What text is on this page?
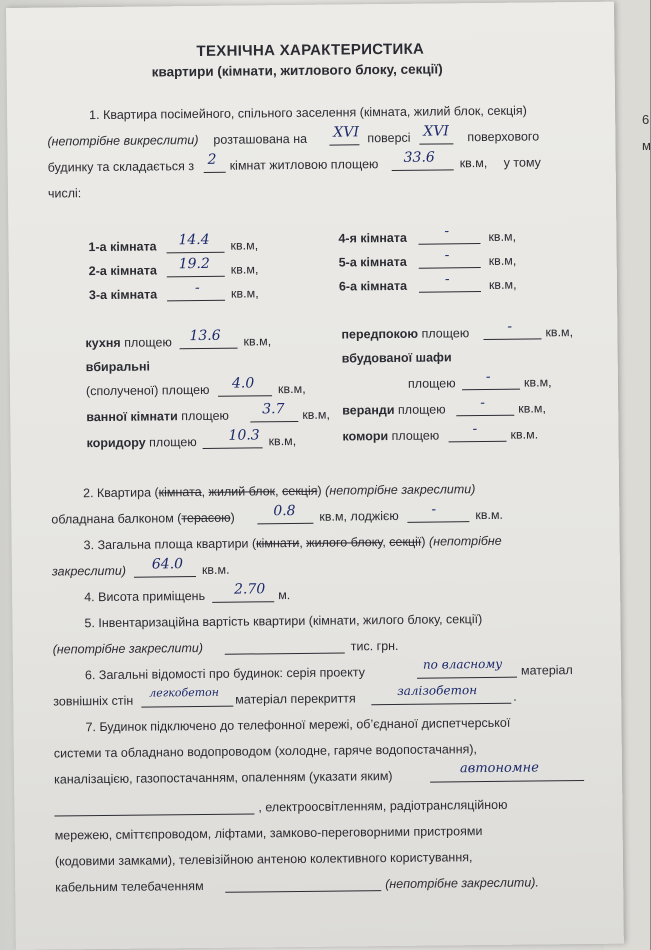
6
м
ТЕХНІЧНА ХАРАКТЕРИСТИКА
квартири (кімнати, житлового блоку, секції)
1. Квартира посімейного, спільного заселення (кімната, жилий блок, секція)
(непотрібне викреслити) розташована на XVI поверсі XVI поверхового
будинку та складається з 2 кімнат житловою площею 33.6 кв.м, у тому
числі:
1-а кімната 14.4 кв.м,
2-а кімната 19.2 кв.м,
3-а кімната	- кв.м,
4-я кімната	-	кв.м,
5-а кімната	-	кв.м,
6-а кімната	-	кв.м,
кухня площею 13.6 кв.м,
вбиральні
(сполученої) площею 4.0 кв.м,
ванної кімнати площею 3.7 кв.м,
коридору площею 10.3 кв.м,
передпокою площею	-	кв.м,
вбудованої шафи
площею -	кв.м,
веранди площею -	кв.м,
комори площею -	кв.м.
2. Квартира (кімната, жилий блок, секція) (непотрібне закреслити)
обладнана балконом (терасою)	0.8 кв.м, лоджією -	кв.м.
3. Загальна площа квартири (кімнати, жилого блоку, секції) (непотрібне
закреслити) 64.0 кв.м.
4. Висота приміщень 2.70 м.
5. Інвентаризаційна вартість квартири (кімнати, жилого блоку, секції)
(непотрібне закреслити)	тис. грн.
6. Загальні відомості про будинок: серія проекту
по власному матеріал
зовнішніх стін
легкобетон матеріал перекриття
залізобетон	.
7. Будинок підключено до телефонної мережі, об’єднаної диспетчерської
системи та обладнано водопроводом (холодне, гаряче водопостачання),
каналізацією, газопостачанням, опаленням (указати яким)
автономне
, електроосвітленням, радіотрансляційною
мережею, сміттєпроводом, ліфтами, замково-переговорними пристроями
(кодовими замками), телевізійною антеною колективного користування,
кабельним телебаченням	(непотрібне закреслити).
